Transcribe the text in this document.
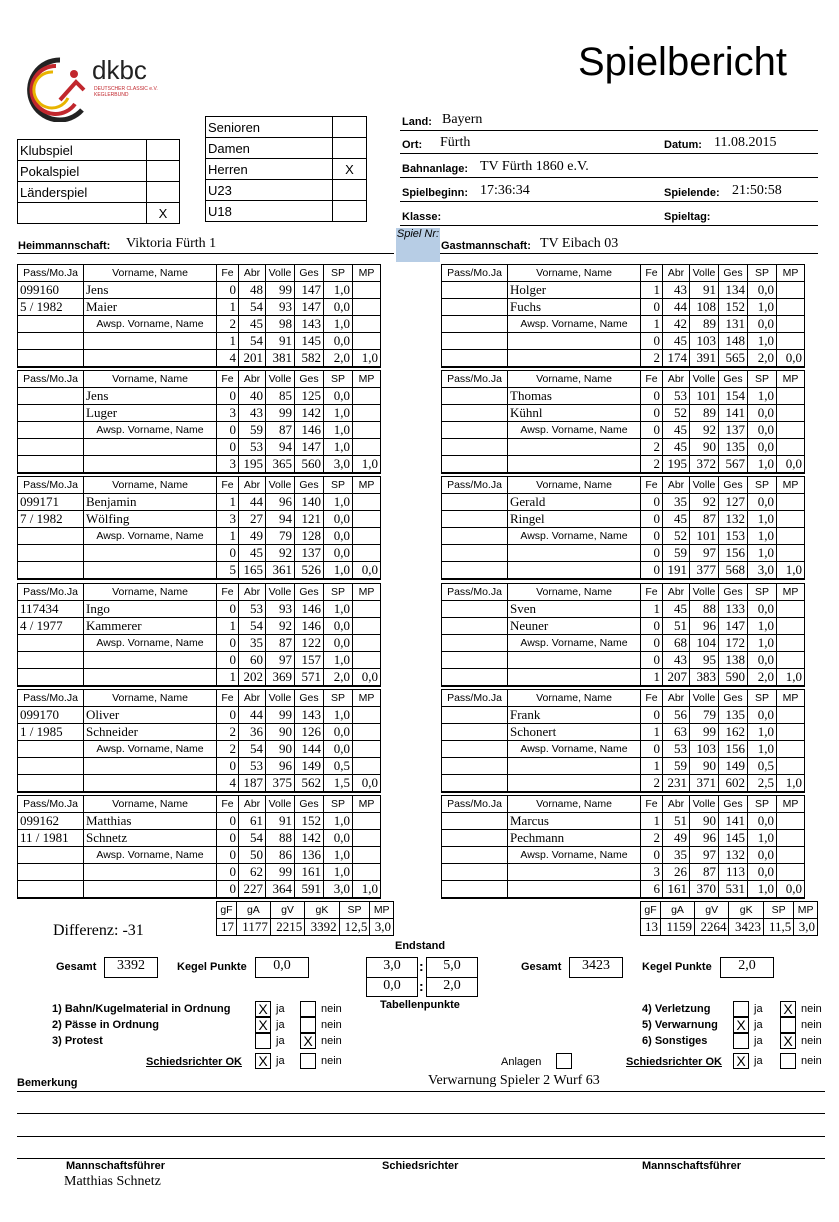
Spielbericht
dkbc
DEUTSCHER CLASSIC e.V.
KEGLERBUND
Klubspiel	
Pokalspiel	
Länderspiel	
	X
Senioren	
Damen	
Herren	X
U23	
U18	
Land: Bayern
Ort: Fürth	Datum: 11.08.2015
Bahnanlage: TV Fürth 1860 e.V.
Spielbeginn: 17:36:34	Spielende: 21:50:58
Klasse:	Spieltag:
Spiel Nr:
Heimmannschaft: Viktoria Fürth 1	Gastmannschaft: TV Eibach 03
Pass/Mo.Ja	Vorname, Name	Fe	Abr	Volle	Ges	SP	MP
099160	Jens	0	48	99	147	1,0	
5 / 1982	Maier	1	54	93	147	0,0	
	Awsp. Vorname, Name	2	45	98	143	1,0	
		1	54	91	145	0,0	
		4	201	381	582	2,0	1,0
Pass/Mo.Ja	Vorname, Name	Fe	Abr	Volle	Ges	SP	MP
	Jens	0	40	85	125	0,0	
	Luger	3	43	99	142	1,0	
	Awsp. Vorname, Name	0	59	87	146	1,0	
		0	53	94	147	1,0	
		3	195	365	560	3,0	1,0
Pass/Mo.Ja	Vorname, Name	Fe	Abr	Volle	Ges	SP	MP
099171	Benjamin	1	44	96	140	1,0	
7 / 1982	Wölfing	3	27	94	121	0,0	
	Awsp. Vorname, Name	1	49	79	128	0,0	
		0	45	92	137	0,0	
		5	165	361	526	1,0	0,0
Pass/Mo.Ja	Vorname, Name	Fe	Abr	Volle	Ges	SP	MP
117434	Ingo	0	53	93	146	1,0	
4 / 1977	Kammerer	1	54	92	146	0,0	
	Awsp. Vorname, Name	0	35	87	122	0,0	
		0	60	97	157	1,0	
		1	202	369	571	2,0	0,0
Pass/Mo.Ja	Vorname, Name	Fe	Abr	Volle	Ges	SP	MP
099170	Oliver	0	44	99	143	1,0	
1 / 1985	Schneider	2	36	90	126	0,0	
	Awsp. Vorname, Name	2	54	90	144	0,0	
		0	53	96	149	0,5	
		4	187	375	562	1,5	0,0
Pass/Mo.Ja	Vorname, Name	Fe	Abr	Volle	Ges	SP	MP
099162	Matthias	0	61	91	152	1,0	
11 / 1981	Schnetz	0	54	88	142	0,0	
	Awsp. Vorname, Name	0	50	86	136	1,0	
		0	62	99	161	1,0	
		0	227	364	591	3,0	1,0
Pass/Mo.Ja	Vorname, Name	Fe	Abr	Volle	Ges	SP	MP
	Holger	1	43	91	134	0,0	
	Fuchs	0	44	108	152	1,0	
	Awsp. Vorname, Name	1	42	89	131	0,0	
		0	45	103	148	1,0	
		2	174	391	565	2,0	0,0
Pass/Mo.Ja	Vorname, Name	Fe	Abr	Volle	Ges	SP	MP
	Thomas	0	53	101	154	1,0	
	Kühnl	0	52	89	141	0,0	
	Awsp. Vorname, Name	0	45	92	137	0,0	
		2	45	90	135	0,0	
		2	195	372	567	1,0	0,0
Pass/Mo.Ja	Vorname, Name	Fe	Abr	Volle	Ges	SP	MP
	Gerald	0	35	92	127	0,0	
	Ringel	0	45	87	132	1,0	
	Awsp. Vorname, Name	0	52	101	153	1,0	
		0	59	97	156	1,0	
		0	191	377	568	3,0	1,0
Pass/Mo.Ja	Vorname, Name	Fe	Abr	Volle	Ges	SP	MP
	Sven	1	45	88	133	0,0	
	Neuner	0	51	96	147	1,0	
	Awsp. Vorname, Name	0	68	104	172	1,0	
		0	43	95	138	0,0	
		1	207	383	590	2,0	1,0
Pass/Mo.Ja	Vorname, Name	Fe	Abr	Volle	Ges	SP	MP
	Frank	0	56	79	135	0,0	
	Schonert	1	63	99	162	1,0	
	Awsp. Vorname, Name	0	53	103	156	1,0	
		1	59	90	149	0,5	
		2	231	371	602	2,5	1,0
Pass/Mo.Ja	Vorname, Name	Fe	Abr	Volle	Ges	SP	MP
	Marcus	1	51	90	141	0,0	
	Pechmann	2	49	96	145	1,0	
	Awsp. Vorname, Name	0	35	97	132	0,0	
		3	26	87	113	0,0	
		6	161	370	531	1,0	0,0
gF	gA	gV	gK	SP	MP
17	1177	2215	3392	12,5	3,0
gF	gA	gV	gK	SP	MP
13	1159	2264	3423	11,5	3,0
Differenz: -31
Endstand
Gesamt	3392	Kegel Punkte	0,0	3,0	:	5,0
0,0	:	2,0
Tabellenpunkte
Gesamt	3423	Kegel Punkte	2,0
1) Bahn/Kugelmaterial in Ordnung X ja	nein
2) Pässe in Ordnung	X ja	nein
3) Protest	ja X nein
4) Verletzung	ja X nein
5) Verwarnung X ja	nein
6) Sonstiges	ja X nein
Schiedsrichter OK X ja	nein	Anlagen	Schiedsrichter OK X ja	nein
Bemerkung	Verwarnung Spieler 2 Wurf 63
Mannschaftsführer	Schiedsrichter	Mannschaftsführer
Matthias Schnetz
